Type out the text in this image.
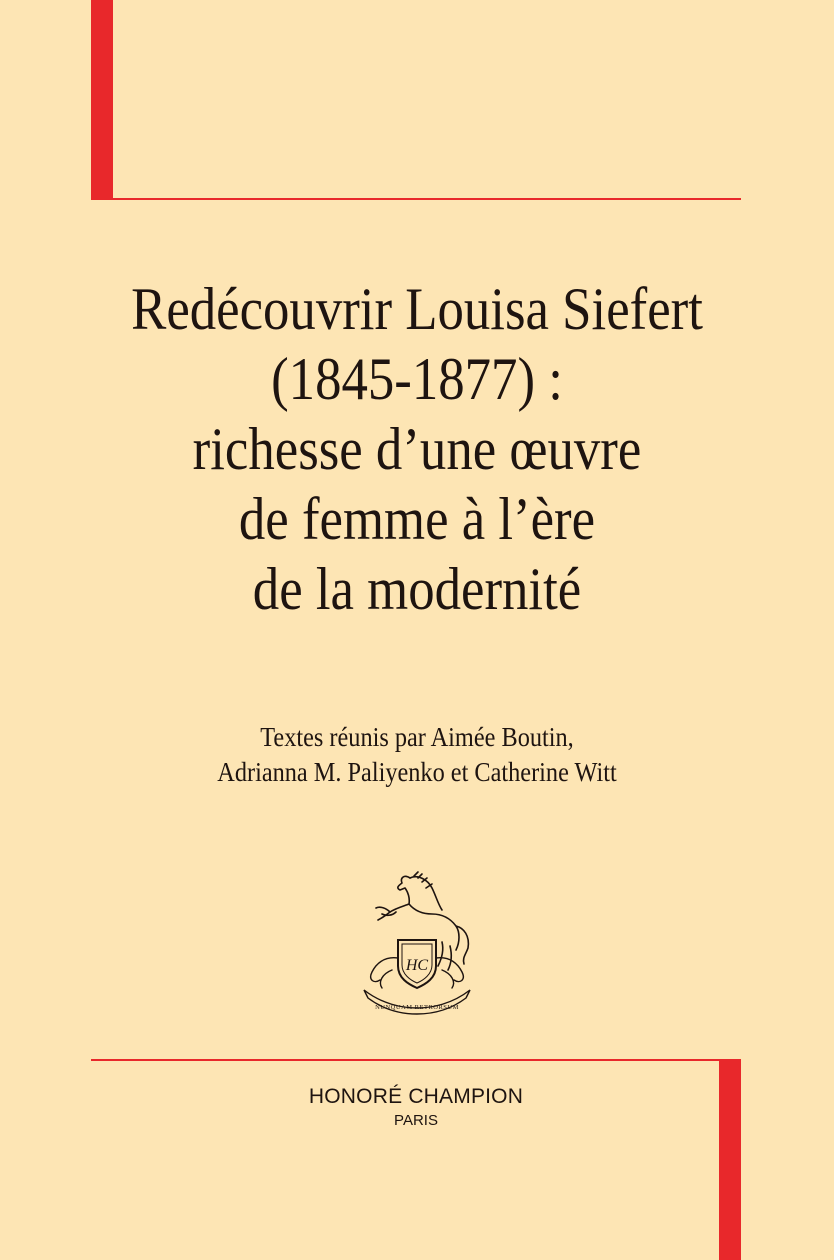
Redécouvrir Louisa Siefert
(1845-1877) :
richesse d’une œuvre
de femme à l’ère
de la modernité
Textes réunis par Aimée Boutin,
Adrianna M. Paliyenko et Catherine Witt
HC
NUNQUAM RETRORSUM
HONORÉ CHAMPION
PARIS
